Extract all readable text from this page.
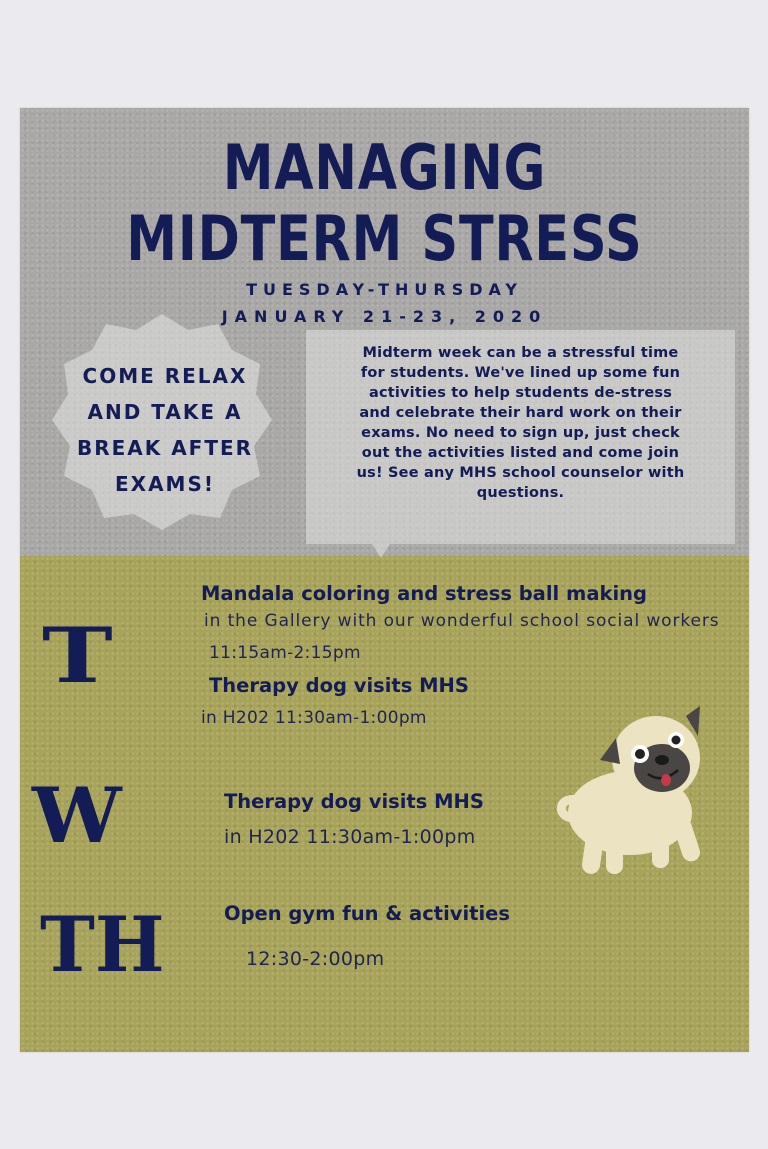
MANAGING
MIDTERM STRESS
TUESDAY-THURSDAY
JANUARY 21-23, 2020
COME RELAX
AND TAKE A
BREAK AFTER
EXAMS!
Midterm week can be a stressful time
for students. We've lined up some fun
activities to help students de-stress
and celebrate their hard work on their
exams. No need to sign up, just check
out the activities listed and come join
us! See any MHS school counselor with
questions.
T
Mandala coloring and stress ball making
in the Gallery with our wonderful school social workers
11:15am-2:15pm
Therapy dog visits MHS
in H202 11:30am-1:00pm
W	Therapy dog visits MHS
in H202 11:30am-1:00pm
TH	Open gym fun & activities
12:30-2:00pm
